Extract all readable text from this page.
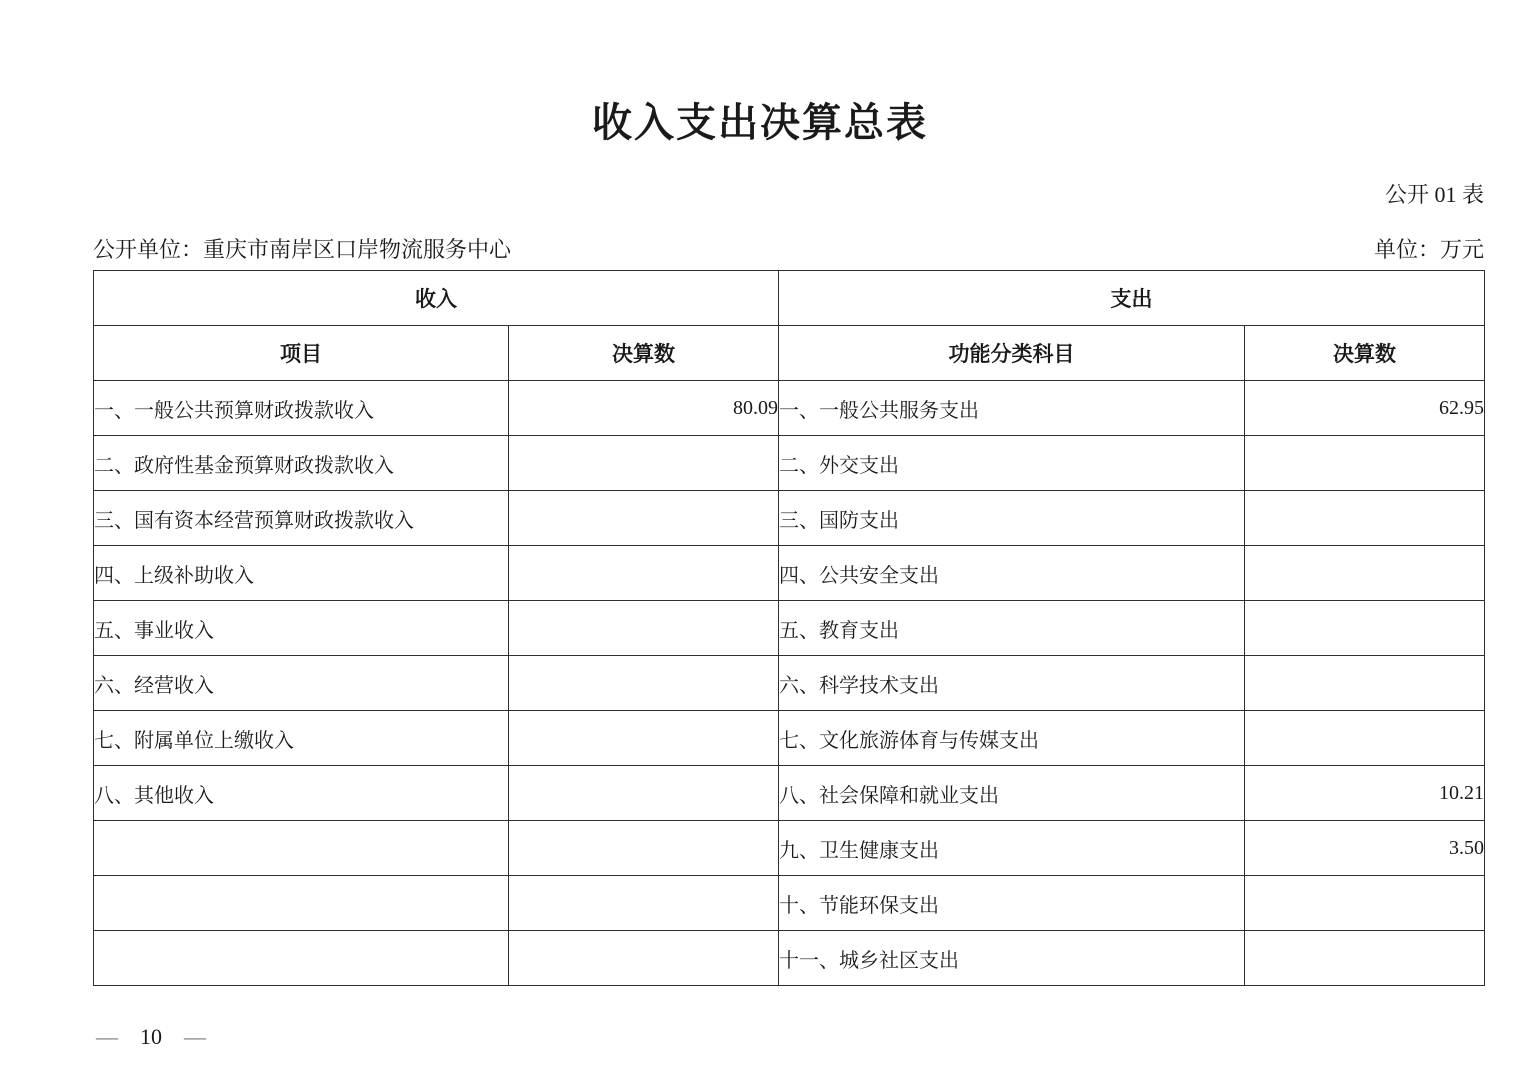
收入支出决算总表
公开 01 表
公开单位：重庆市南岸区口岸物流服务中心	单位：万元
收入		支出	
项目	决算数	功能分类科目	决算数
一、一般公共预算财政拨款收入	80.09	一、一般公共服务支出	62.95
二、政府性基金预算财政拨款收入		二、外交支出	
三、国有资本经营预算财政拨款收入		三、国防支出	
四、上级补助收入		四、公共安全支出	
五、事业收入		五、教育支出	
六、经营收入		六、科学技术支出	
七、附属单位上缴收入		七、文化旅游体育与传媒支出	
八、其他收入		八、社会保障和就业支出	10.21
		九、卫生健康支出	3.50
		十、节能环保支出	
		十一、城乡社区支出	
— 10 —
